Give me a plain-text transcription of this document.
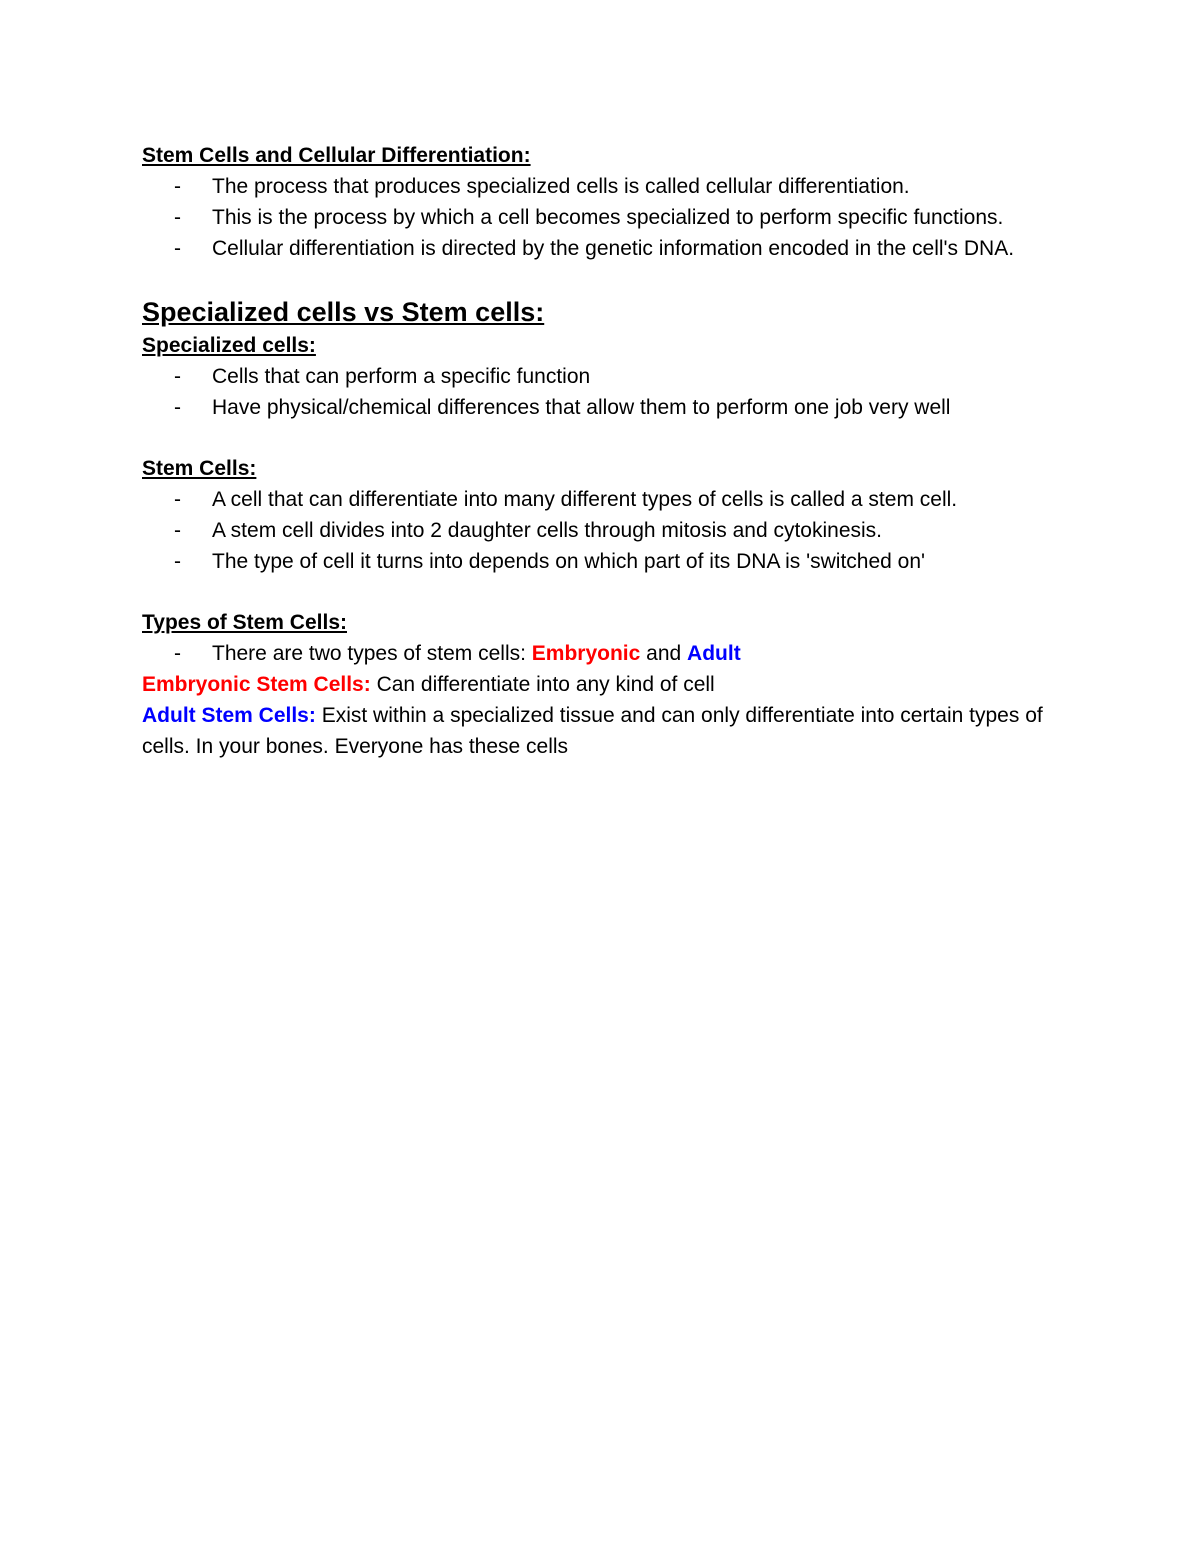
Stem Cells and Cellular Differentiation:

- The process that produces specialized cells is called cellular differentiation.
- This is the process by which a cell becomes specialized to perform specific functions.
- Cellular differentiation is directed by the genetic information encoded in the cell's DNA.

Specialized cells vs Stem cells:

Specialized cells:

- Cells that can perform a specific function
- Have physical/chemical differences that allow them to perform one job very well

Stem Cells:

- A cell that can differentiate into many different types of cells is called a stem cell.
- A stem cell divides into 2 daughter cells through mitosis and cytokinesis.
- The type of cell it turns into depends on which part of its DNA is 'switched on'

Types of Stem Cells:

- There are two types of stem cells: Embryonic and Adult

Embryonic Stem Cells: Can differentiate into any kind of cell

Adult Stem Cells: Exist within a specialized tissue and can only differentiate into certain types of cells. In your bones. Everyone has these cells
